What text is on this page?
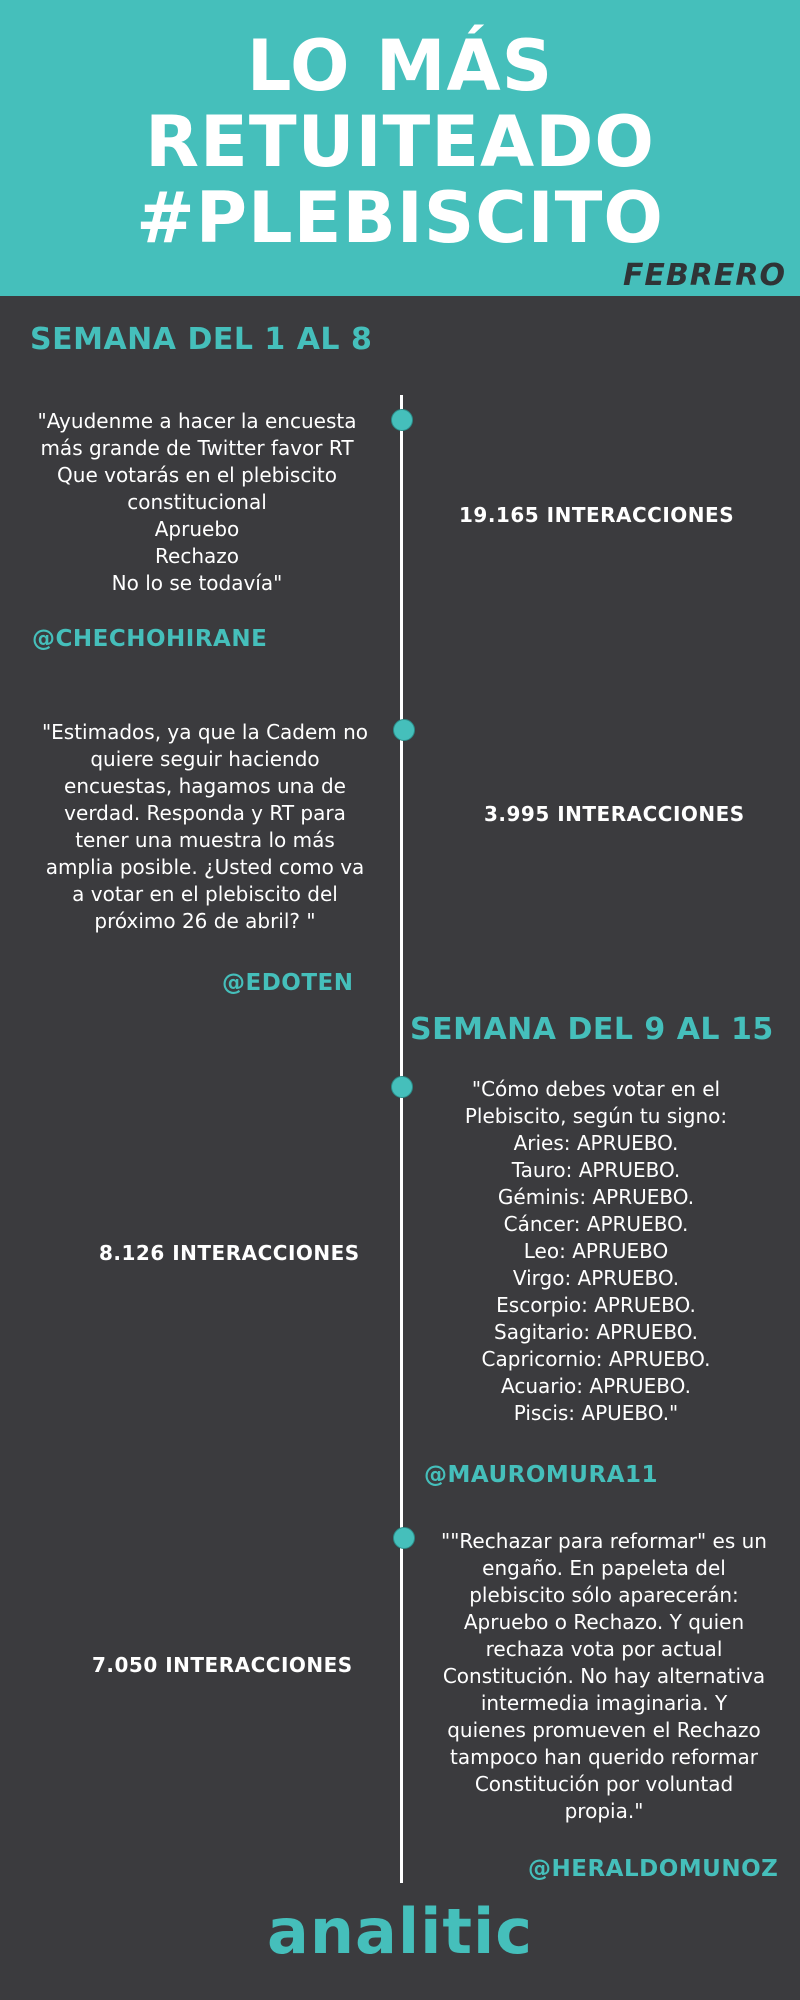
LO MÁS
RETUITEADO
#PLEBISCITO
FEBRERO
SEMANA DEL 1 AL 8
SEMANA DEL 9 AL 15
"Ayudenme a hacer la encuesta
más grande de Twitter favor RT
Que votarás en el plebiscito
constitucional
Apruebo
Rechazo
No lo se todavía"
@CHECHOHIRANE
19.165 INTERACCIONES
"Estimados, ya que la Cadem no
quiere seguir haciendo
encuestas, hagamos una de
verdad. Responda y RT para
tener una muestra lo más
amplia posible. ¿Usted como va
a votar en el plebiscito del
próximo 26 de abril? "
@EDOTEN
3.995 INTERACCIONES
"Cómo debes votar en el
Plebiscito, según tu signo:
Aries: APRUEBO.
Tauro: APRUEBO.
Géminis: APRUEBO.
Cáncer: APRUEBO.
Leo: APRUEBO
Virgo: APRUEBO.
Escorpio: APRUEBO.
Sagitario: APRUEBO.
Capricornio: APRUEBO.
Acuario: APRUEBO.
Piscis: APUEBO."
@MAUROMURA11
8.126 INTERACCIONES
""Rechazar para reformar" es un
engaño. En papeleta del
plebiscito sólo aparecerán:
Apruebo o Rechazo. Y quien
rechaza vota por actual
Constitución. No hay alternativa
intermedia imaginaria. Y
quienes promueven el Rechazo
tampoco han querido reformar
Constitución por voluntad
propia."
@HERALDOMUNOZ
7.050 INTERACCIONES
analitic
